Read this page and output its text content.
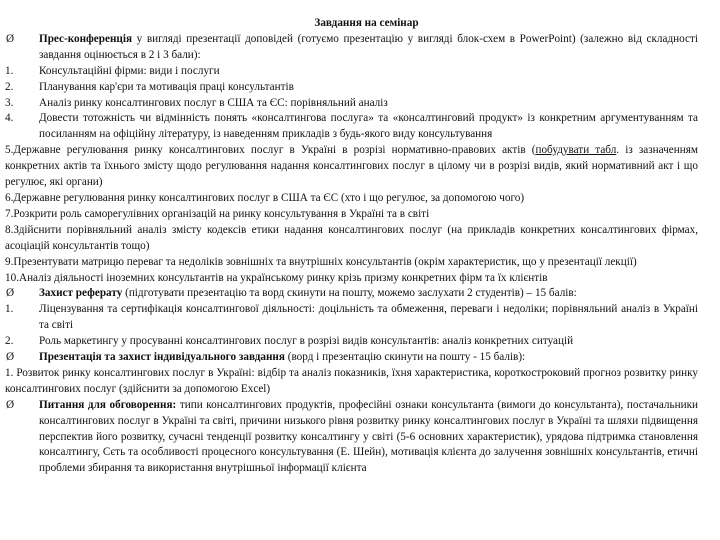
Завдання на семінар
Ø Прес-конференція у вигляді презентації доповідей (готуємо презентацію у вигляді блок-схем в PowerPoint) (залежно від складності завдання оцінюється в 2 і 3 бали):
1. Консультаційні фірми: види і послуги
2. Планування кар'єри та мотивація праці консультантів
3. Аналіз ринку консалтингових послуг в США та ЄС: порівняльний аналіз
4. Довести тотожність чи відмінність понять «консалтингова послуга» та «консалтинговий продукт» із конкретним аргументуванням та посиланням на офіційну літературу, із наведенням прикладів з будь-якого виду консультування
5.Державне регулювання ринку консалтингових послуг в Україні в розрізі нормативно-правових актів (побудувати табл. із зазначенням конкретних актів та їхнього змісту щодо регулювання надання консалтингових послуг в цілому чи в розрізі видів, який нормативний акт і що регулює, які органи)
6.Державне регулювання ринку консалтингових послуг в США та ЄС (хто і що регулює, за допомогою чого)
7.Розкрити роль саморегулівних організацій на ринку консультування в Україні та в світі
8.Здійснити порівняльний аналіз змісту кодексів етики надання консалтингових послуг (на прикладів конкретних консалтингових фірмах, асоціацій консультантів тощо)
9.Презентувати матрицю переваг та недоліків зовнішніх та внутрішніх консультантів (окрім характеристик, що у презентації лекції)
10.Аналіз діяльності іноземних консультантів на українському ринку крізь призму конкретних фірм та їх клієнтів
Ø Захист реферату (підготувати презентацію та ворд скинути на пошту, можемо заслухати 2 студентів) – 15 балів:
1. Ліцензування та сертифікація консалтингової діяльності: доцільність та обмеження, переваги і недоліки; порівняльний аналіз в Україні та світі
2. Роль маркетингу у просуванні консалтингових послуг в розрізі видів консультантів: аналіз конкретних ситуацій
Ø Презентація та захист індивідуального завдання (ворд і презентацію скинути на пошту - 15 балів):
1. Розвиток ринку консалтингових послуг в Україні: відбір та аналіз показників, їхня характеристика, короткостроковий прогноз розвитку ринку консалтингових послуг (здійснити за допомогою Excel)
Ø Питання для обговорення: типи консалтингових продуктів, професійні ознаки консультанта (вимоги до консультанта), постачальники консалтингових послуг в Україні та світі, причини низького рівня розвитку ринку консалтингових послуг в Україні та шляхи підвищення перспектив його розвитку, сучасні тенденції розвитку консалтингу у світі (5-6 основних характеристик), урядова підтримка становлення консалтингу, Сєть та особливості процесного консультування (Е. Шейн), мотивація клієнта до залучення зовнішніх консультантів, етичні проблеми збирання та використання внутрішньої інформації клієнта
